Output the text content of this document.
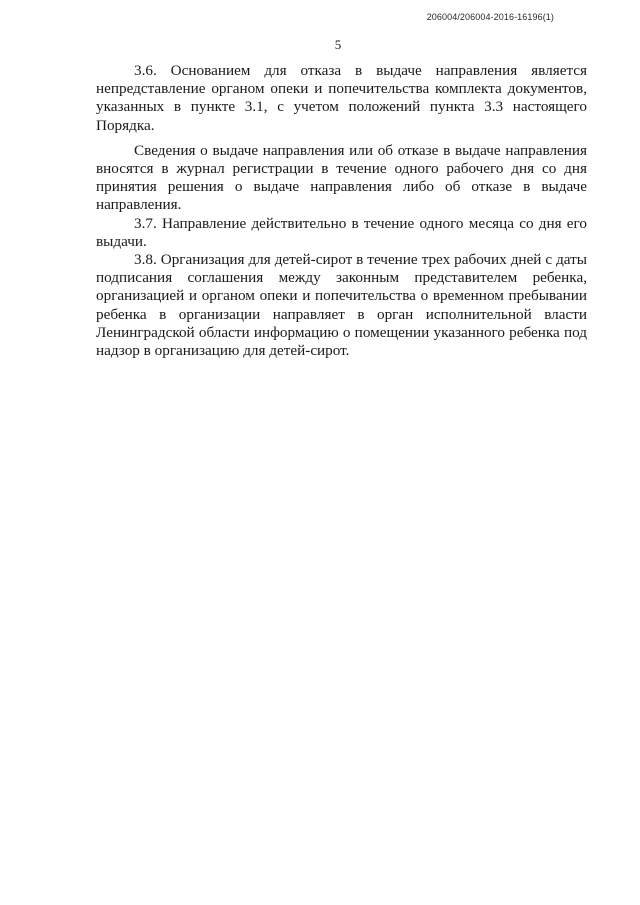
206004/206004-2016-16196(1)
5

3.6. Основанием для отказа в выдаче направления является непредставление органом опеки и попечительства комплекта документов, указанных в пункте 3.1, с учетом положений пункта 3.3 настоящего Порядка.

Сведения о выдаче направления или об отказе в выдаче направления вносятся в журнал регистрации в течение одного рабочего дня со дня принятия решения о выдаче направления либо об отказе в выдаче направления.

3.7. Направление действительно в течение одного месяца со дня его выдачи.

3.8. Организация для детей-сирот в течение трех рабочих дней с даты подписания соглашения между законным представителем ребенка, организацией и органом опеки и попечительства о временном пребывании ребенка в организации направляет в орган исполнительной власти Ленинградской области информацию о помещении указанного ребенка под надзор в организацию для детей-сирот.
